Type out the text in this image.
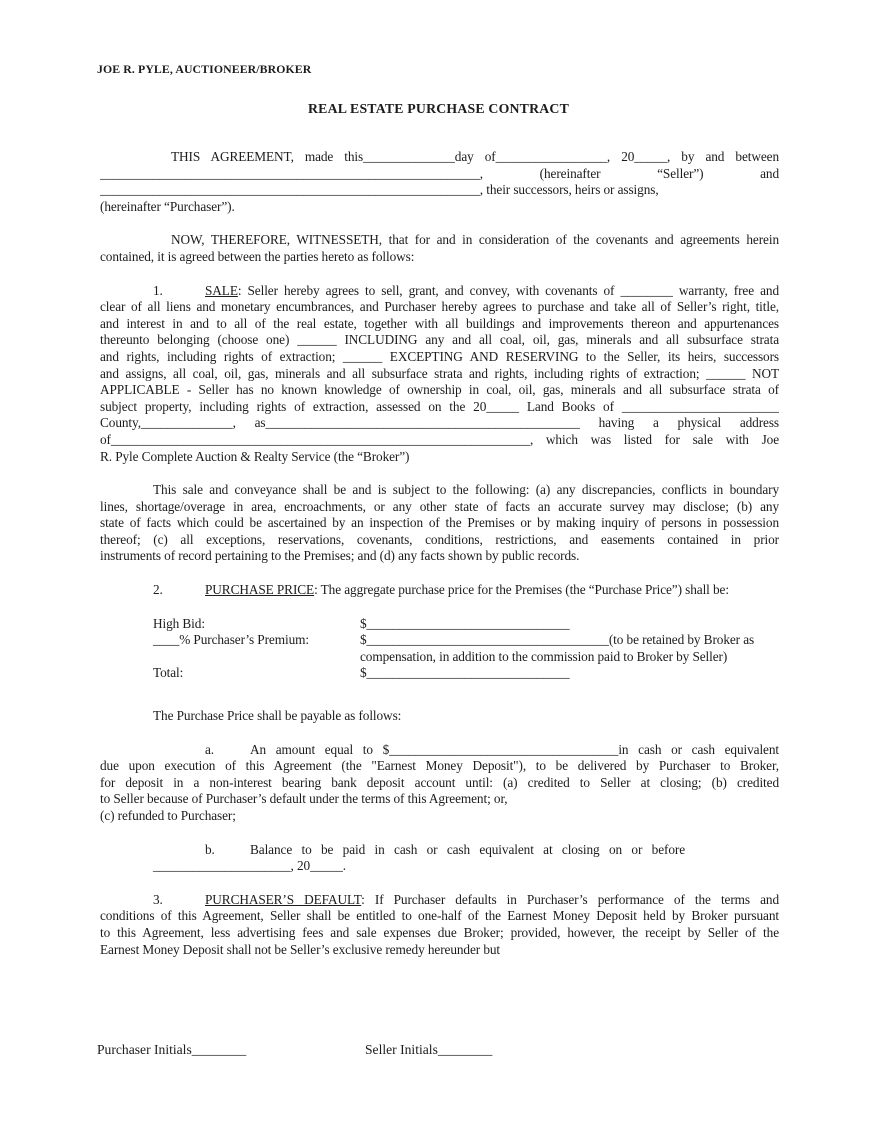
JOE R. PYLE, AUCTIONEER/BROKER
REAL ESTATE PURCHASE CONTRACT
THIS AGREEMENT, made this______________day of_________________, 20_____, by and between
__________________________________________________________, (hereinafter “Seller”) and
__________________________________________________________, their successors, heirs or assigns,
(hereinafter “Purchaser”).
NOW, THEREFORE, WITNESSETH, that for and in consideration of the covenants and agreements herein
contained, it is agreed between the parties hereto as follows:
1.	SALE: Seller hereby agrees to sell, grant, and convey, with covenants of ________ warranty, free and
clear of all liens and monetary encumbrances, and Purchaser hereby agrees to purchase and take all of Seller’s right, title,
and interest in and to all of the real estate, together with all buildings and improvements thereon and appurtenances
thereunto belonging (choose one) ______ INCLUDING any and all coal, oil, gas, minerals and all subsurface strata
and rights, including rights of extraction; ______ EXCEPTING AND RESERVING to the Seller, its heirs, successors
and assigns, all coal, oil, gas, minerals and all subsurface strata and rights, including rights of extraction; ______ NOT
APPLICABLE - Seller has no known knowledge of ownership in coal, oil, gas, minerals and all subsurface strata of
subject property, including rights of extraction, assessed on the 20_____ Land Books of ________________________
County,______________, as________________________________________________ having a physical address
of________________________________________________________________, which was listed for sale with Joe
R. Pyle Complete Auction & Realty Service (the “Broker”)
This sale and conveyance shall be and is subject to the following: (a) any discrepancies, conflicts in boundary
lines, shortage/overage in area, encroachments, or any other state of facts an accurate survey may disclose; (b) any
state of facts which could be ascertained by an inspection of the Premises or by making inquiry of persons in possession
thereof; (c) all exceptions, reservations, covenants, conditions, restrictions, and easements contained in prior
instruments of record pertaining to the Premises; and (d) any facts shown by public records.
2.	PURCHASE PRICE: The aggregate purchase price for the Premises (the “Purchase Price”) shall be:
High Bid:	$_______________________________
____% Purchaser’s Premium:	$_____________________________________(to be retained by Broker as
compensation, in addition to the commission paid to Broker by Seller)
Total:	$_______________________________
The Purchase Price shall be payable as follows:
a.	An amount equal to $___________________________________in cash or cash equivalent
due upon execution of this Agreement (the "Earnest Money Deposit"), to be delivered by Purchaser to Broker,
for deposit in a non-interest bearing bank deposit account until: (a) credited to Seller at closing; (b) credited
to Seller because of Purchaser’s default under the terms of this Agreement; or,
(c) refunded to Purchaser;
b.	Balance to be paid in cash or cash equivalent at closing on or before
_____________________, 20_____.
3.	PURCHASER’S DEFAULT: If Purchaser defaults in Purchaser’s performance of the terms and
conditions of this Agreement, Seller shall be entitled to one-half of the Earnest Money Deposit held by Broker pursuant
to this Agreement, less advertising fees and sale expenses due Broker; provided, however, the receipt by Seller of the
Earnest Money Deposit shall not be Seller’s exclusive remedy hereunder but
Purchaser Initials________	Seller Initials________
